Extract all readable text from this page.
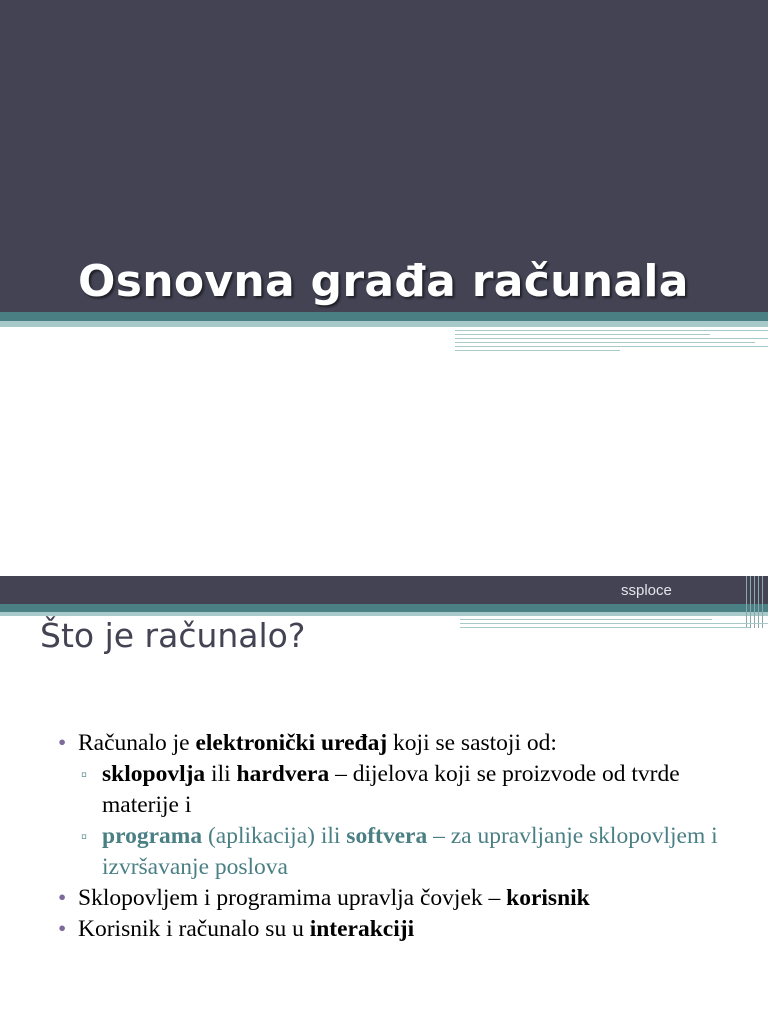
Osnovna građa računala
ssploce
Što je računalo?
• Računalo je elektronički uređaj koji se sastoji od:
▫ sklopovlja ili hardvera – dijelova koji se proizvode od tvrde materije i
▫ programa (aplikacija) ili softvera – za upravljanje sklopovljem i izvršavanje poslova
• Sklopovljem i programima upravlja čovjek – korisnik
• Korisnik i računalo su u interakciji
